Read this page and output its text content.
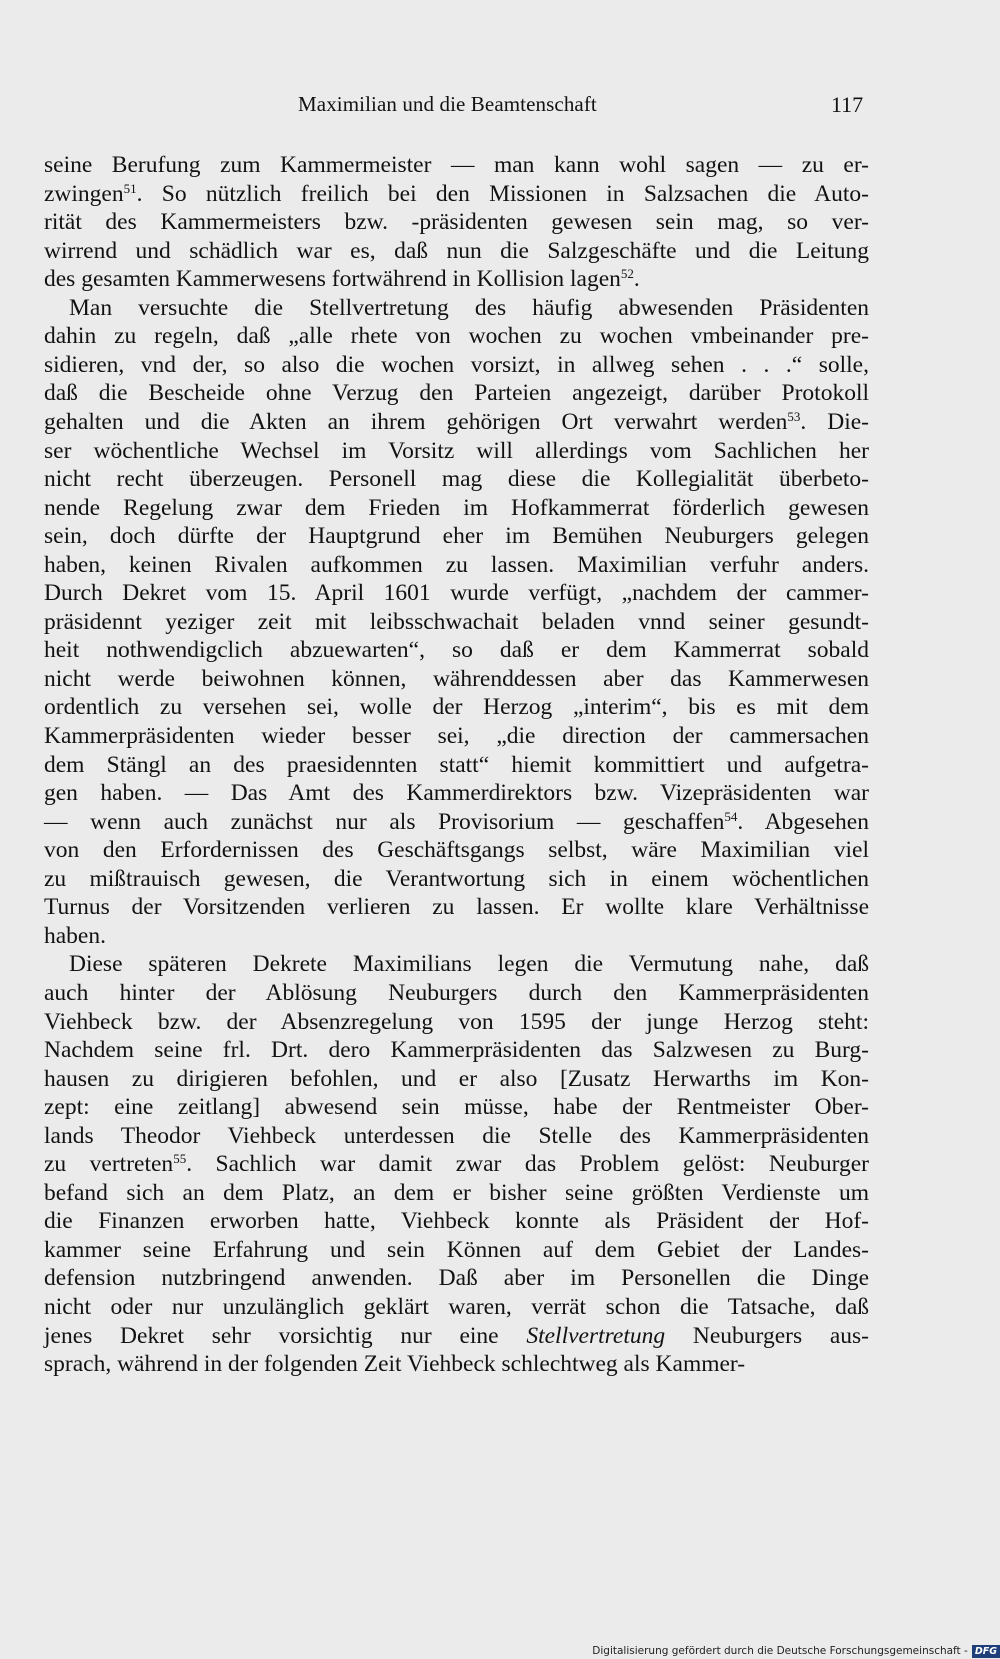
Maximilian und die Beamtenschaft	117
seine Berufung zum Kammermeister — man kann wohl sagen — zu er-
zwingen$^{51}$. So nützlich freilich bei den Missionen in Salzsachen die Auto-
rität des Kammermeisters bzw. -präsidenten gewesen sein mag, so ver-
wirrend und schädlich war es, daß nun die Salzgeschäfte und die Leitung
des gesamten Kammerwesens fortwährend in Kollision lagen$^{52}$.
Man versuchte die Stellvertretung des häufig abwesenden Präsidenten
dahin zu regeln, daß „alle rhete von wochen zu wochen vmbeinander pre-
sidieren, vnd der, so also die wochen vorsizt, in allweg sehen . . .“ solle,
daß die Bescheide ohne Verzug den Parteien angezeigt, darüber Protokoll
gehalten und die Akten an ihrem gehörigen Ort verwahrt werden$^{53}$. Die-
ser wöchentliche Wechsel im Vorsitz will allerdings vom Sachlichen her
nicht recht überzeugen. Personell mag diese die Kollegialität überbeto-
nende Regelung zwar dem Frieden im Hofkammerrat förderlich gewesen
sein, doch dürfte der Hauptgrund eher im Bemühen Neuburgers gelegen
haben, keinen Rivalen aufkommen zu lassen. Maximilian verfuhr anders.
Durch Dekret vom 15. April 1601 wurde verfügt, „nachdem der cammer-
präsidennt yeziger zeit mit leibsschwachait beladen vnnd seiner gesundt-
heit nothwendigclich abzuewarten“, so daß er dem Kammerrat sobald
nicht werde beiwohnen können, währenddessen aber das Kammerwesen
ordentlich zu versehen sei, wolle der Herzog „interim“, bis es mit dem
Kammerpräsidenten wieder besser sei, „die direction der cammersachen
dem Stängl an des praesidennten statt“ hiemit kommittiert und aufgetra-
gen haben. — Das Amt des Kammerdirektors bzw. Vizepräsidenten war
— wenn auch zunächst nur als Provisorium — geschaffen$^{54}$. Abgesehen
von den Erfordernissen des Geschäftsgangs selbst, wäre Maximilian viel
zu mißtrauisch gewesen, die Verantwortung sich in einem wöchentlichen
Turnus der Vorsitzenden verlieren zu lassen. Er wollte klare Verhältnisse
haben.
Diese späteren Dekrete Maximilians legen die Vermutung nahe, daß
auch hinter der Ablösung Neuburgers durch den Kammerpräsidenten
Viehbeck bzw. der Absenzregelung von 1595 der junge Herzog steht:
Nachdem seine frl. Drt. dero Kammerpräsidenten das Salzwesen zu Burg-
hausen zu dirigieren befohlen, und er also [Zusatz Herwarths im Kon-
zept: eine zeitlang] abwesend sein müsse, habe der Rentmeister Ober-
lands Theodor Viehbeck unterdessen die Stelle des Kammerpräsidenten
zu vertreten$^{55}$. Sachlich war damit zwar das Problem gelöst: Neuburger
befand sich an dem Platz, an dem er bisher seine größten Verdienste um
die Finanzen erworben hatte, Viehbeck konnte als Präsident der Hof-
kammer seine Erfahrung und sein Können auf dem Gebiet der Landes-
defension nutzbringend anwenden. Daß aber im Personellen die Dinge
nicht oder nur unzulänglich geklärt waren, verrät schon die Tatsache, daß
jenes Dekret sehr vorsichtig nur eine Stellvertretung Neuburgers aus-
sprach, während in der folgenden Zeit Viehbeck schlechtweg als Kammer-
Digitalisierung gefördert durch die Deutsche Forschungsgemeinschaft - DFG
